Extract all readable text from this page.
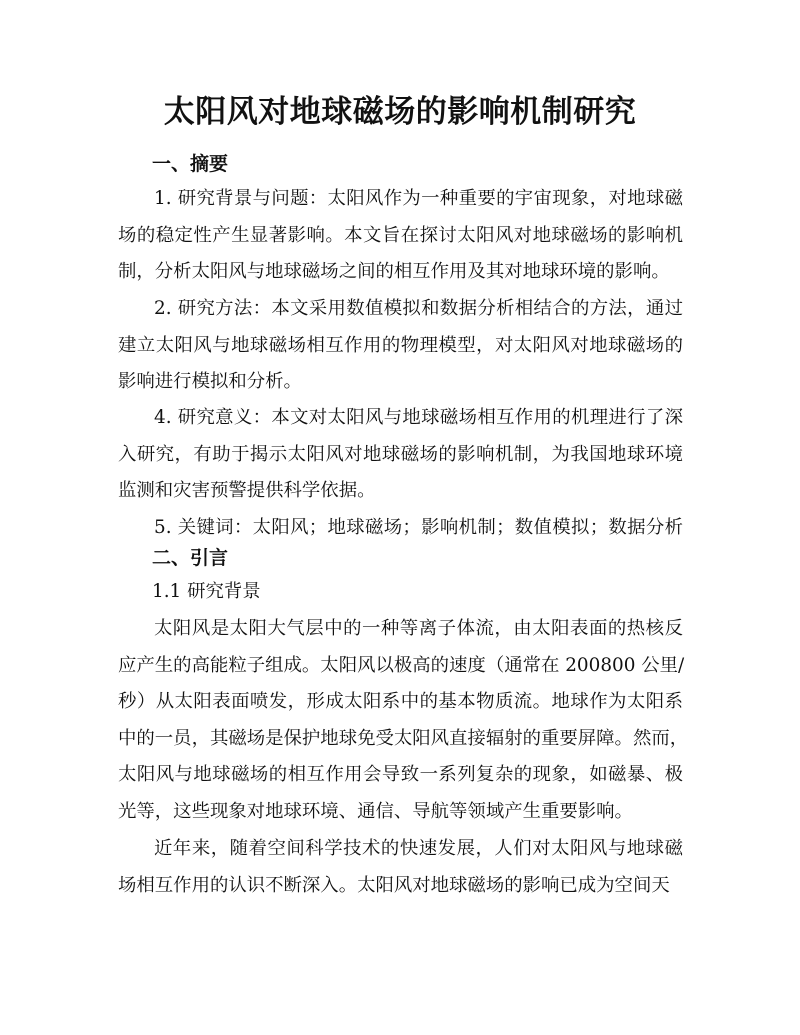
太阳风对地球磁场的影响机制研究
一、摘要
1. 研究背景与问题：太阳风作为一种重要的宇宙现象，对地球磁
场的稳定性产生显著影响。本文旨在探讨太阳风对地球磁场的影响机
制，分析太阳风与地球磁场之间的相互作用及其对地球环境的影响。
2. 研究方法：本文采用数值模拟和数据分析相结合的方法，通过
建立太阳风与地球磁场相互作用的物理模型，对太阳风对地球磁场的
影响进行模拟和分析。
4. 研究意义：本文对太阳风与地球磁场相互作用的机理进行了深
入研究，有助于揭示太阳风对地球磁场的影响机制，为我国地球环境
监测和灾害预警提供科学依据。
5. 关键词：太阳风；地球磁场；影响机制；数值模拟；数据分析
二、引言
1.1 研究背景
太阳风是太阳大气层中的一种等离子体流，由太阳表面的热核反
应产生的高能粒子组成。太阳风以极高的速度（通常在 200800 公里/
秒）从太阳表面喷发，形成太阳系中的基本物质流。地球作为太阳系
中的一员，其磁场是保护地球免受太阳风直接辐射的重要屏障。然而，
太阳风与地球磁场的相互作用会导致一系列复杂的现象，如磁暴、极
光等，这些现象对地球环境、通信、导航等领域产生重要影响。
近年来，随着空间科学技术的快速发展，人们对太阳风与地球磁
场相互作用的认识不断深入。太阳风对地球磁场的影响已成为空间天
